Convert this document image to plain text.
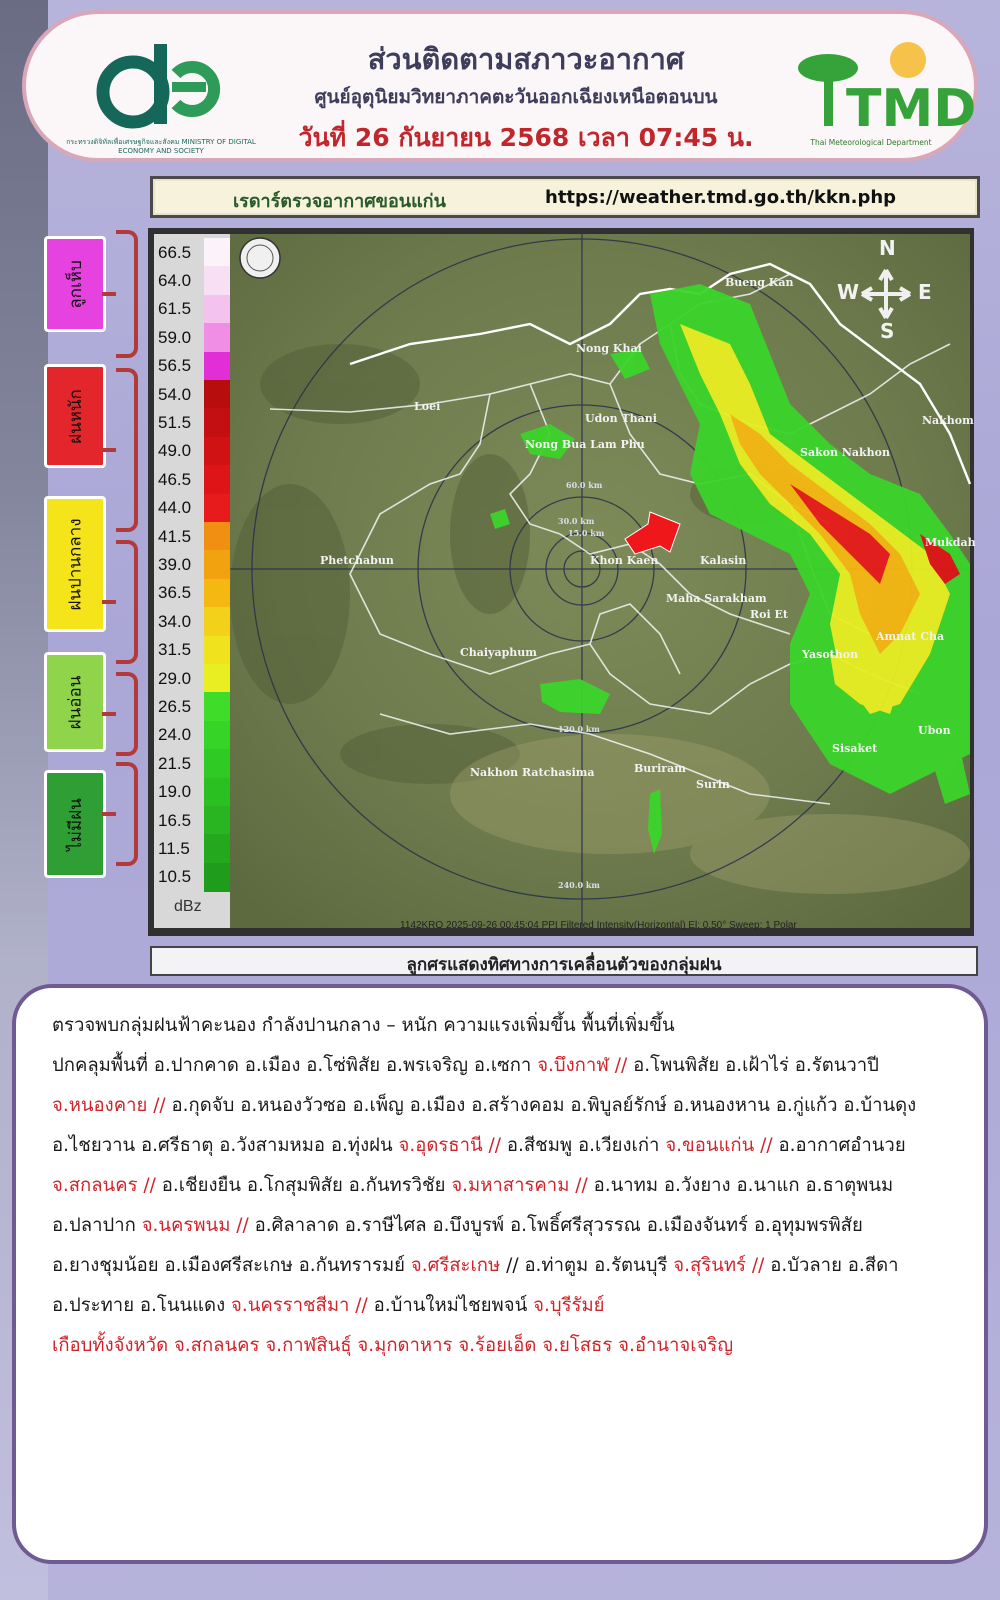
กระทรวงดิจิทัลเพื่อเศรษฐกิจและสังคม MINISTRY OF DIGITAL ECONOMY AND SOCIETY
ส่วนติดตามสภาวะอากาศ
ศูนย์อุตุนิยมวิทยาภาคตะวันออกเฉียงเหนือตอนบน
วันที่ 26 กันยายน 2568 เวลา 07:45 น.	TMD
Thai Meteorological Department
เรดาร์ตรวจอากาศขอนแก่น	https://weather.tmd.go.th/kkn.php
ลูกเห็บ
ฝนหนัก
ฝนปานกลาง
ฝนอ่อน
ไม่มีฝน
dBz
66.5
64.0
61.5
59.0
56.5
54.0
51.5
49.0
46.5
44.0
41.5
39.0
36.5
34.0
31.5
29.0
26.5
24.0
21.5
19.0
16.5
11.5
10.5
N
S
W	E
Bueng Kan
Nong Khai
Loei
Udon Thani
Nong Bua Lam Phu
Nakhom
Sakon Nakhon
Phetchabun	Khon Kaen	Kalasin
Mukdah
Maha Sarakham
Roi Et
Chaiyaphum	Yasothon
Amnat Cha
Nakhon Ratchasima	Buriram
Surin
Sisaket
Ubon
15.0 km
30.0 km
60.0 km
120.0 km
240.0 km
1142KRO 2025-09-26 00:45:04 PPI Filtered Intensity(Horizontal) El: 0.50° Sweep: 1 Polar
ลูกศรแสดงทิศทางการเคลื่อนตัวของกลุ่มฝน
ตรวจพบกลุ่มฝนฟ้าคะนอง กำลังปานกลาง – หนัก ความแรงเพิ่มขึ้น พื้นที่เพิ่มขึ้น
ปกคลุมพื้นที่ อ.ปากคาด อ.เมือง อ.โซ่พิสัย อ.พรเจริญ อ.เซกา จ.บึงกาฬ // อ.โพนพิสัย อ.เฝ้าไร่ อ.รัตนวาปี จ.หนองคาย // อ.กุดจับ อ.หนองวัวซอ อ.เพ็ญ อ.เมือง อ.สร้างคอม อ.พิบูลย์รักษ์ อ.หนองหาน อ.กู่แก้ว อ.บ้านดุง อ.ไชยวาน อ.ศรีธาตุ อ.วังสามหมอ อ.ทุ่งฝน จ.อุดรธานี // อ.สีชมพู อ.เวียงเก่า จ.ขอนแก่น // อ.อากาศอำนวย จ.สกลนคร // อ.เชียงยืน อ.โกสุมพิสัย อ.กันทรวิชัย จ.มหาสารคาม // อ.นาทม อ.วังยาง อ.นาแก อ.ธาตุพนม อ.ปลาปาก จ.นครพนม // อ.ศิลาลาด อ.ราษีไศล อ.บึงบูรพ์ อ.โพธิ์ศรีสุวรรณ อ.เมืองจันทร์ อ.อุทุมพรพิสัย อ.ยางชุมน้อย อ.เมืองศรีสะเกษ อ.กันทรารมย์ จ.ศรีสะเกษ // อ.ท่าตูม อ.รัตนบุรี จ.สุรินทร์ // อ.บัวลาย อ.สีดา อ.ประทาย อ.โนนแดง จ.นครราชสีมา // อ.บ้านใหม่ไชยพจน์ จ.บุรีรัมย์
เกือบทั้งจังหวัด จ.สกลนคร จ.กาฬสินธุ์ จ.มุกดาหาร จ.ร้อยเอ็ด จ.ยโสธร จ.อำนาจเจริญ
